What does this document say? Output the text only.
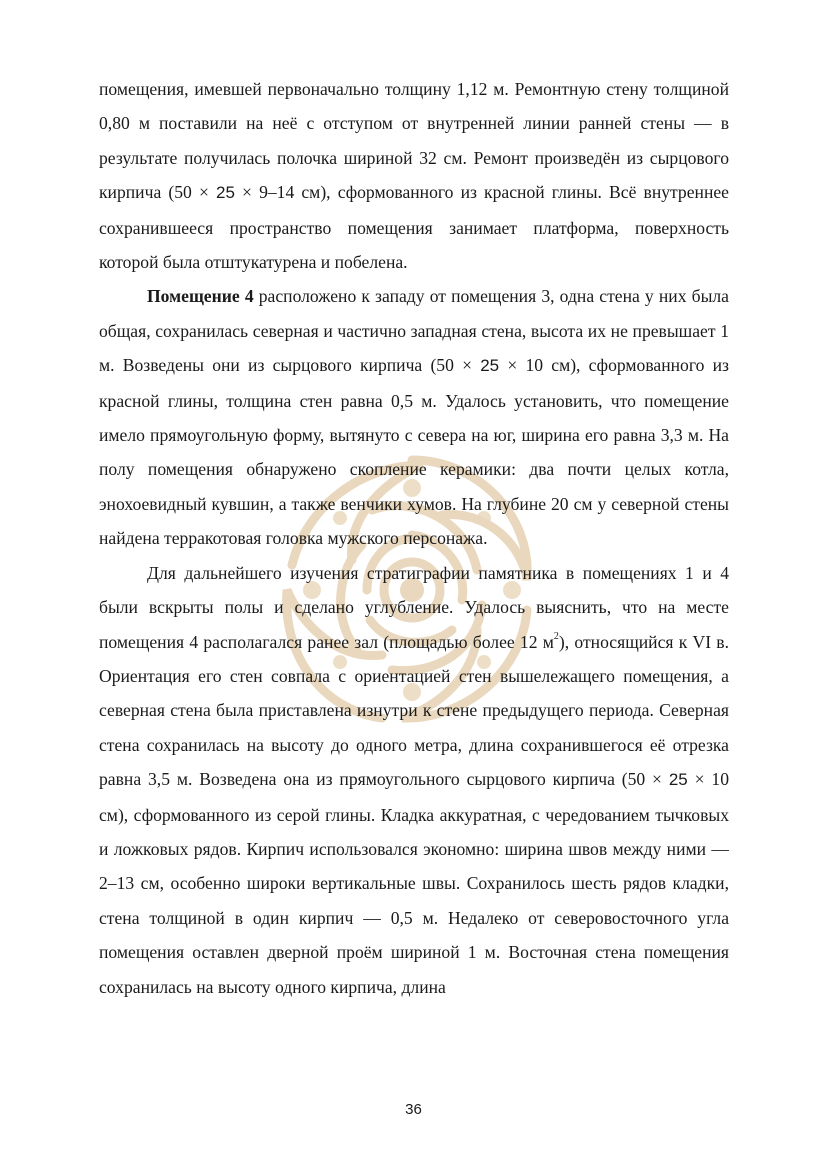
помещения, имевшей первоначально толщину 1,12 м. Ремонтную стену толщиной 0,80 м поставили на неё с отступом от внутренней линии ранней стены — в результате получилась полочка шириной 32 см. Ремонт произведён из сырцового кирпича (50 × 25 × 9–14 см), сформованного из красной глины. Всё внутреннее сохранившееся пространство помещения занимает платформа, поверхность которой была отштукатурена и побелена.

Помещение 4 расположено к западу от помещения 3, одна стена у них была общая, сохранилась северная и частично западная стена, высота их не превышает 1 м. Возведены они из сырцового кирпича (50 × 25 × 10 см), сформованного из красной глины, толщина стен равна 0,5 м. Удалось установить, что помещение имело прямоугольную форму, вытянуто с севера на юг, ширина его равна 3,3 м. На полу помещения обнаружено скопление керамики: два почти целых котла, энохоевидный кувшин, а также венчики хумов. На глубине 20 см у северной стены найдена терракотовая головка мужского персонажа.

Для дальнейшего изучения стратиграфии памятника в помещениях 1 и 4 были вскрыты полы и сделано углубление. Удалось выяснить, что на месте помещения 4 располагался ранее зал (площадью более 12 $м^2$), относящийся к VI в. Ориентация его стен совпала с ориентацией стен вышележащего помещения, а северная стена была приставлена изнутри к стене предыдущего периода. Северная стена сохранилась на высоту до одного метра, длина сохранившегося её отрезка равна 3,5 м. Возведена она из прямоугольного сырцового кирпича (50 × 25 × 10 см), сформованного из серой глины. Кладка аккуратная, с чередованием тычковых и ложковых рядов. Кирпич использовался экономно: ширина швов между ними — 2–13 см, особенно широки вертикальные швы. Сохранилось шесть рядов кладки, стена толщиной в один кирпич — 0,5 м. Недалеко от северовосточного угла помещения оставлен дверной проём шириной 1 м. Восточная стена помещения сохранилась на высоту одного кирпича, длина

36
